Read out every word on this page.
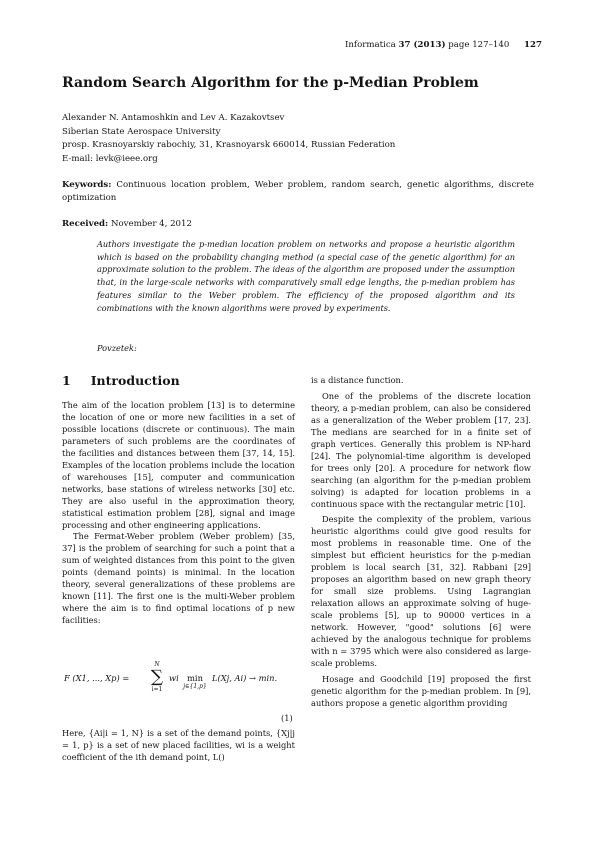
Informatica 37 (2013) page 127–140 127
Random Search Algorithm for the p-Median Problem
Alexander N. Antamoshkin and Lev A. Kazakovtsev
Siberian State Aerospace University
prosp. Krasnoyarskiy rabochiy, 31, Krasnoyarsk 660014, Russian Federation
E-mail: levk@ieee.org
Keywords: Continuous location problem, Weber problem, random search, genetic algorithms, discrete optimization
Received: November 4, 2012
Authors investigate the p-median location problem on networks and propose a heuristic algorithm which is based on the probability changing method (a special case of the genetic algorithm) for an approximate solution to the problem. The ideas of the algorithm are proposed under the assumption that, in the large-scale networks with comparatively small edge lengths, the p-median problem has features similar to the Weber problem. The efficiency of the proposed algorithm and its combinations with the known algorithms were proved by experiments.
Povzetek:
1 Introduction

The aim of the location problem [13] is to determine the location of one or more new facilities in a set of possible locations (discrete or continuous). The main parameters of such problems are the coordinates of the facilities and distances between them [37, 14, 15]. Examples of the location problems include the location of warehouses [15], computer and communication networks, base stations of wireless networks [30] etc. They are also useful in the approximation theory, statistical estimation problem [28], signal and image processing and other engineering applications.

The Fermat-Weber problem (Weber problem) [35, 37] is the problem of searching for such a point that a sum of weighted distances from this point to the given points (demand points) is minimal. In the location theory, several generalizations of these problems are known [11]. The first one is the multi-Weber problem where the aim is to find optimal locations of p new facilities:

F (X1, ..., Xp) =
N
∑
i=1
wi min
j∈{1,p}
L(Xj, Ai) → min.
(1)

Here, {Ai|i = 1, N} is a set of the demand points, {Xj|j = 1, p} is a set of new placed facilities, wi is a weight coefficient of the ith demand point, L()

is a distance function.

One of the problems of the discrete location theory, a p-median problem, can also be considered as a generalization of the Weber problem [17, 23]. The medians are searched for in a finite set of graph vertices. Generally this problem is NP-hard [24]. The polynomial-time algorithm is developed for trees only [20]. A procedure for network flow searching (an algorithm for the p-median problem solving) is adapted for location problems in a continuous space with the rectangular metric [10].

Despite the complexity of the problem, various heuristic algorithms could give good results for most problems in reasonable time. One of the simplest but efficient heuristics for the p-median problem is local search [31, 32]. Rabbani [29] proposes an algorithm based on new graph theory for small size problems. Using Lagrangian relaxation allows an approximate solving of huge-scale problems [5], up to 90000 vertices in a network. However, "good" solutions [6] were achieved by the analogous technique for problems with n = 3795 which were also considered as large-scale problems.

Hosage and Goodchild [19] proposed the first genetic algorithm for the p-median problem. In [9], authors propose a genetic algorithm providing
